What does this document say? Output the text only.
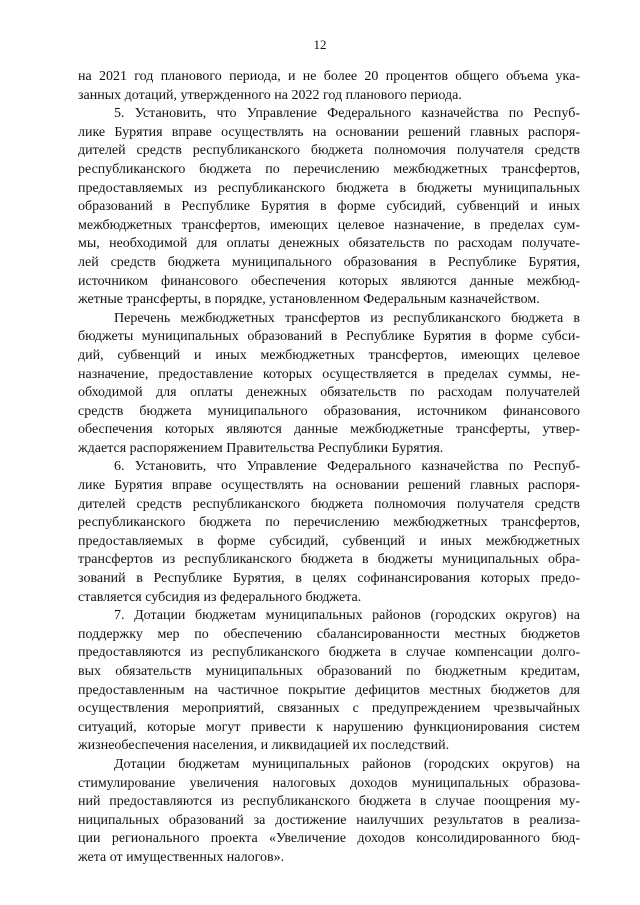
12
на 2021 год планового периода, и не более 20 процентов общего объема ука-
занных дотаций, утвержденного на 2022 год планового периода.
5. Установить, что Управление Федерального казначейства по Респуб-
лике Бурятия вправе осуществлять на основании решений главных распоря-
дителей средств республиканского бюджета полномочия получателя средств
республиканского бюджета по перечислению межбюджетных трансфертов,
предоставляемых из республиканского бюджета в бюджеты муниципальных
образований в Республике Бурятия в форме субсидий, субвенций и иных
межбюджетных трансфертов, имеющих целевое назначение, в пределах сум-
мы, необходимой для оплаты денежных обязательств по расходам получате-
лей средств бюджета муниципального образования в Республике Бурятия,
источником финансового обеспечения которых являются данные межбюд-
жетные трансферты, в порядке, установленном Федеральным казначейством.
Перечень межбюджетных трансфертов из республиканского бюджета в
бюджеты муниципальных образований в Республике Бурятия в форме субси-
дий, субвенций и иных межбюджетных трансфертов, имеющих целевое
назначение, предоставление которых осуществляется в пределах суммы, не-
обходимой для оплаты денежных обязательств по расходам получателей
средств бюджета муниципального образования, источником финансового
обеспечения которых являются данные межбюджетные трансферты, утвер-
ждается распоряжением Правительства Республики Бурятия.
6. Установить, что Управление Федерального казначейства по Респуб-
лике Бурятия вправе осуществлять на основании решений главных распоря-
дителей средств республиканского бюджета полномочия получателя средств
республиканского бюджета по перечислению межбюджетных трансфертов,
предоставляемых в форме субсидий, субвенций и иных межбюджетных
трансфертов из республиканского бюджета в бюджеты муниципальных обра-
зований в Республике Бурятия, в целях софинансирования которых предо-
ставляется субсидия из федерального бюджета.
7. Дотации бюджетам муниципальных районов (городских округов) на
поддержку мер по обеспечению сбалансированности местных бюджетов
предоставляются из республиканского бюджета в случае компенсации долго-
вых обязательств муниципальных образований по бюджетным кредитам,
предоставленным на частичное покрытие дефицитов местных бюджетов для
осуществления мероприятий, связанных с предупреждением чрезвычайных
ситуаций, которые могут привести к нарушению функционирования систем
жизнеобеспечения населения, и ликвидацией их последствий.
Дотации бюджетам муниципальных районов (городских округов) на
стимулирование увеличения налоговых доходов муниципальных образова-
ний предоставляются из республиканского бюджета в случае поощрения му-
ниципальных образований за достижение наилучших результатов в реализа-
ции регионального проекта «Увеличение доходов консолидированного бюд-
жета от имущественных налогов».
